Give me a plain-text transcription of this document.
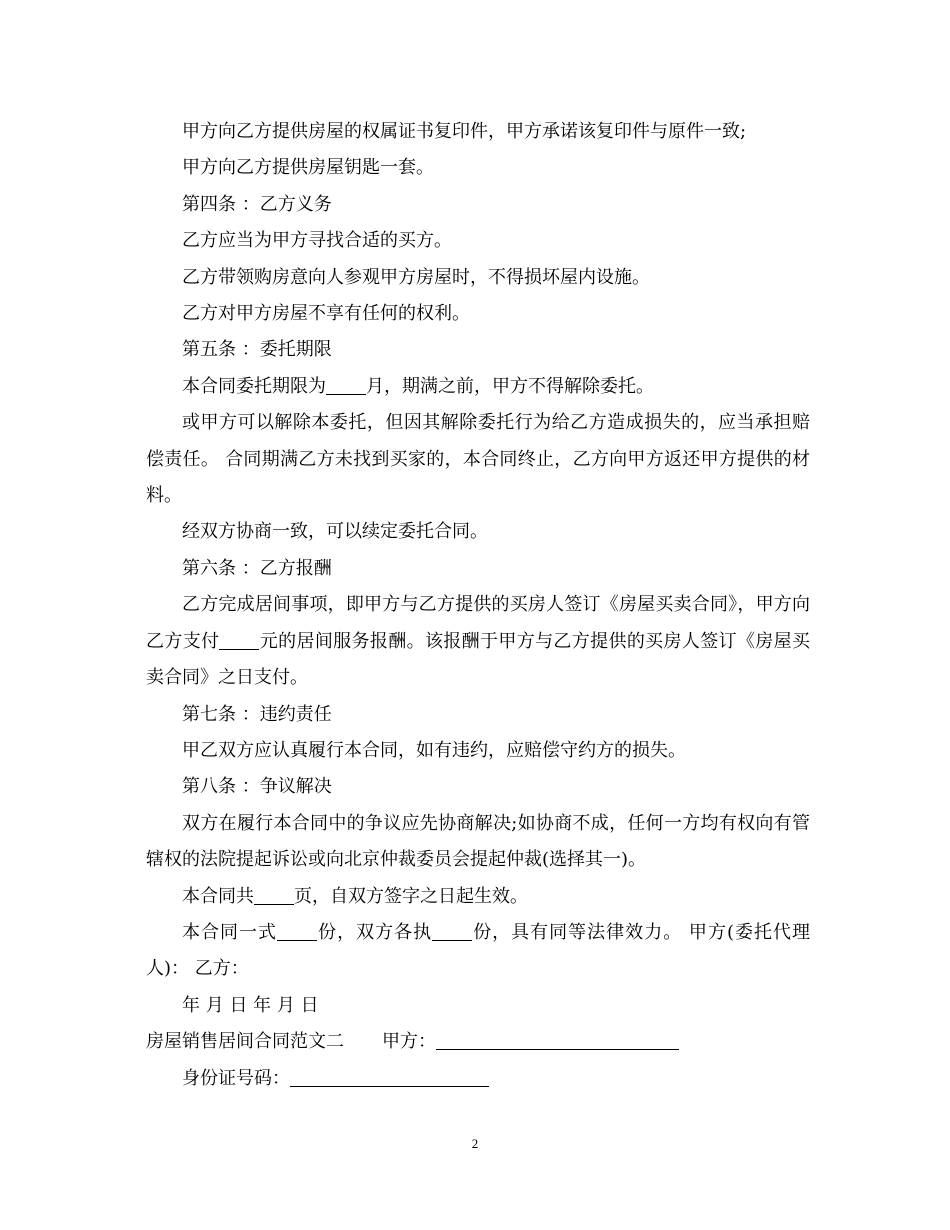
甲方向乙方提供房屋的权属证书复印件，甲方承诺该复印件与原件一致;

甲方向乙方提供房屋钥匙一套。

第四条 ：乙方义务

乙方应当为甲方寻找合适的买方。

乙方带领购房意向人参观甲方房屋时，不得损坏屋内设施。

乙方对甲方房屋不享有任何的权利。

第五条 ：委托期限

本合同委托期限为 月，期满之前，甲方不得解除委托。

或甲方可以解除本委托，但因其解除委托行为给乙方造成损失的，应当承担赔偿责任。 合同期满乙方未找到买家的，本合同终止，乙方向甲方返还甲方提供的材料。

经双方协商一致，可以续定委托合同。

第六条 ：乙方报酬

乙方完成居间事项，即甲方与乙方提供的买房人签订《房屋买卖合同》，甲方向乙方支付 元的居间服务报酬。该报酬于甲方与乙方提供的买房人签订《房屋买卖合同》之日支付。

第七条 ：违约责任

甲乙双方应认真履行本合同，如有违约，应赔偿守约方的损失。

第八条 ：争议解决

双方在履行本合同中的争议应先协商解决;如协商不成，任何一方均有权向有管辖权的法院提起诉讼或向北京仲裁委员会提起仲裁(选择其一)。

本合同共 页，自双方签字之日起生效。

本合同一式 份，双方各执 份，具有同等法律效力。 甲方(委托代理人)： 乙方：

年 月 日 年 月 日

房屋销售居间合同范文二 甲方：

身份证号码：

2
